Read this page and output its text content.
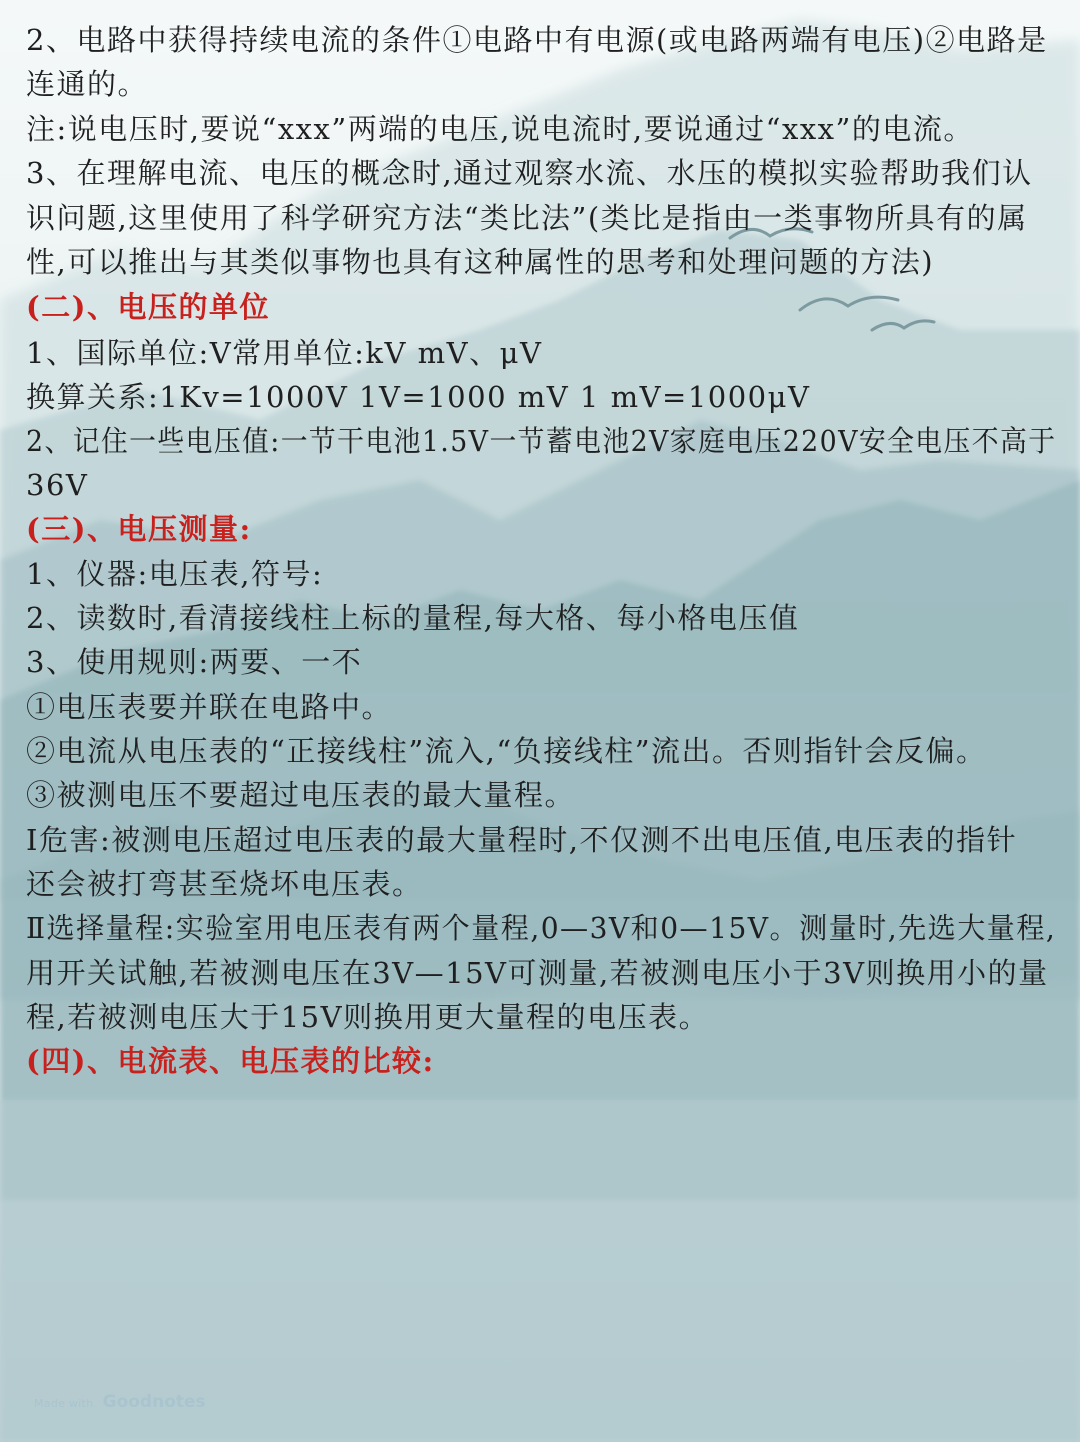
2、电路中获得持续电流的条件①电路中有电源(或电路两端有电压)②电路是
连通的。
注:说电压时,要说“xxx”两端的电压,说电流时,要说通过“xxx”的电流。
3、在理解电流、电压的概念时,通过观察水流、水压的模拟实验帮助我们认
识问题,这里使用了科学研究方法“类比法”(类比是指由一类事物所具有的属
性,可以推出与其类似事物也具有这种属性的思考和处理问题的方法)
(二)、电压的单位
1、国际单位:V常用单位:kV mV、μV
换算关系:1Kv=1000V 1V=1000 mV 1 mV=1000μV
2、记住一些电压值:一节干电池1.5V一节蓄电池2V家庭电压220V安全电压不高于
36V
(三)、电压测量:
1、仪器:电压表,符号:
2、读数时,看清接线柱上标的量程,每大格、每小格电压值
3、使用规则:两要、一不
①电压表要并联在电路中。
②电流从电压表的“正接线柱”流入,“负接线柱”流出。否则指针会反偏。
③被测电压不要超过电压表的最大量程。
Ⅰ危害:被测电压超过电压表的最大量程时,不仅测不出电压值,电压表的指针
还会被打弯甚至烧坏电压表。
Ⅱ选择量程:实验室用电压表有两个量程,0—3V和0—15V。测量时,先选大量程,
用开关试触,若被测电压在3V—15V可测量,若被测电压小于3V则换用小的量
程,若被测电压大于15V则换用更大量程的电压表。
(四)、电流表、电压表的比较:
Made with Goodnotes
